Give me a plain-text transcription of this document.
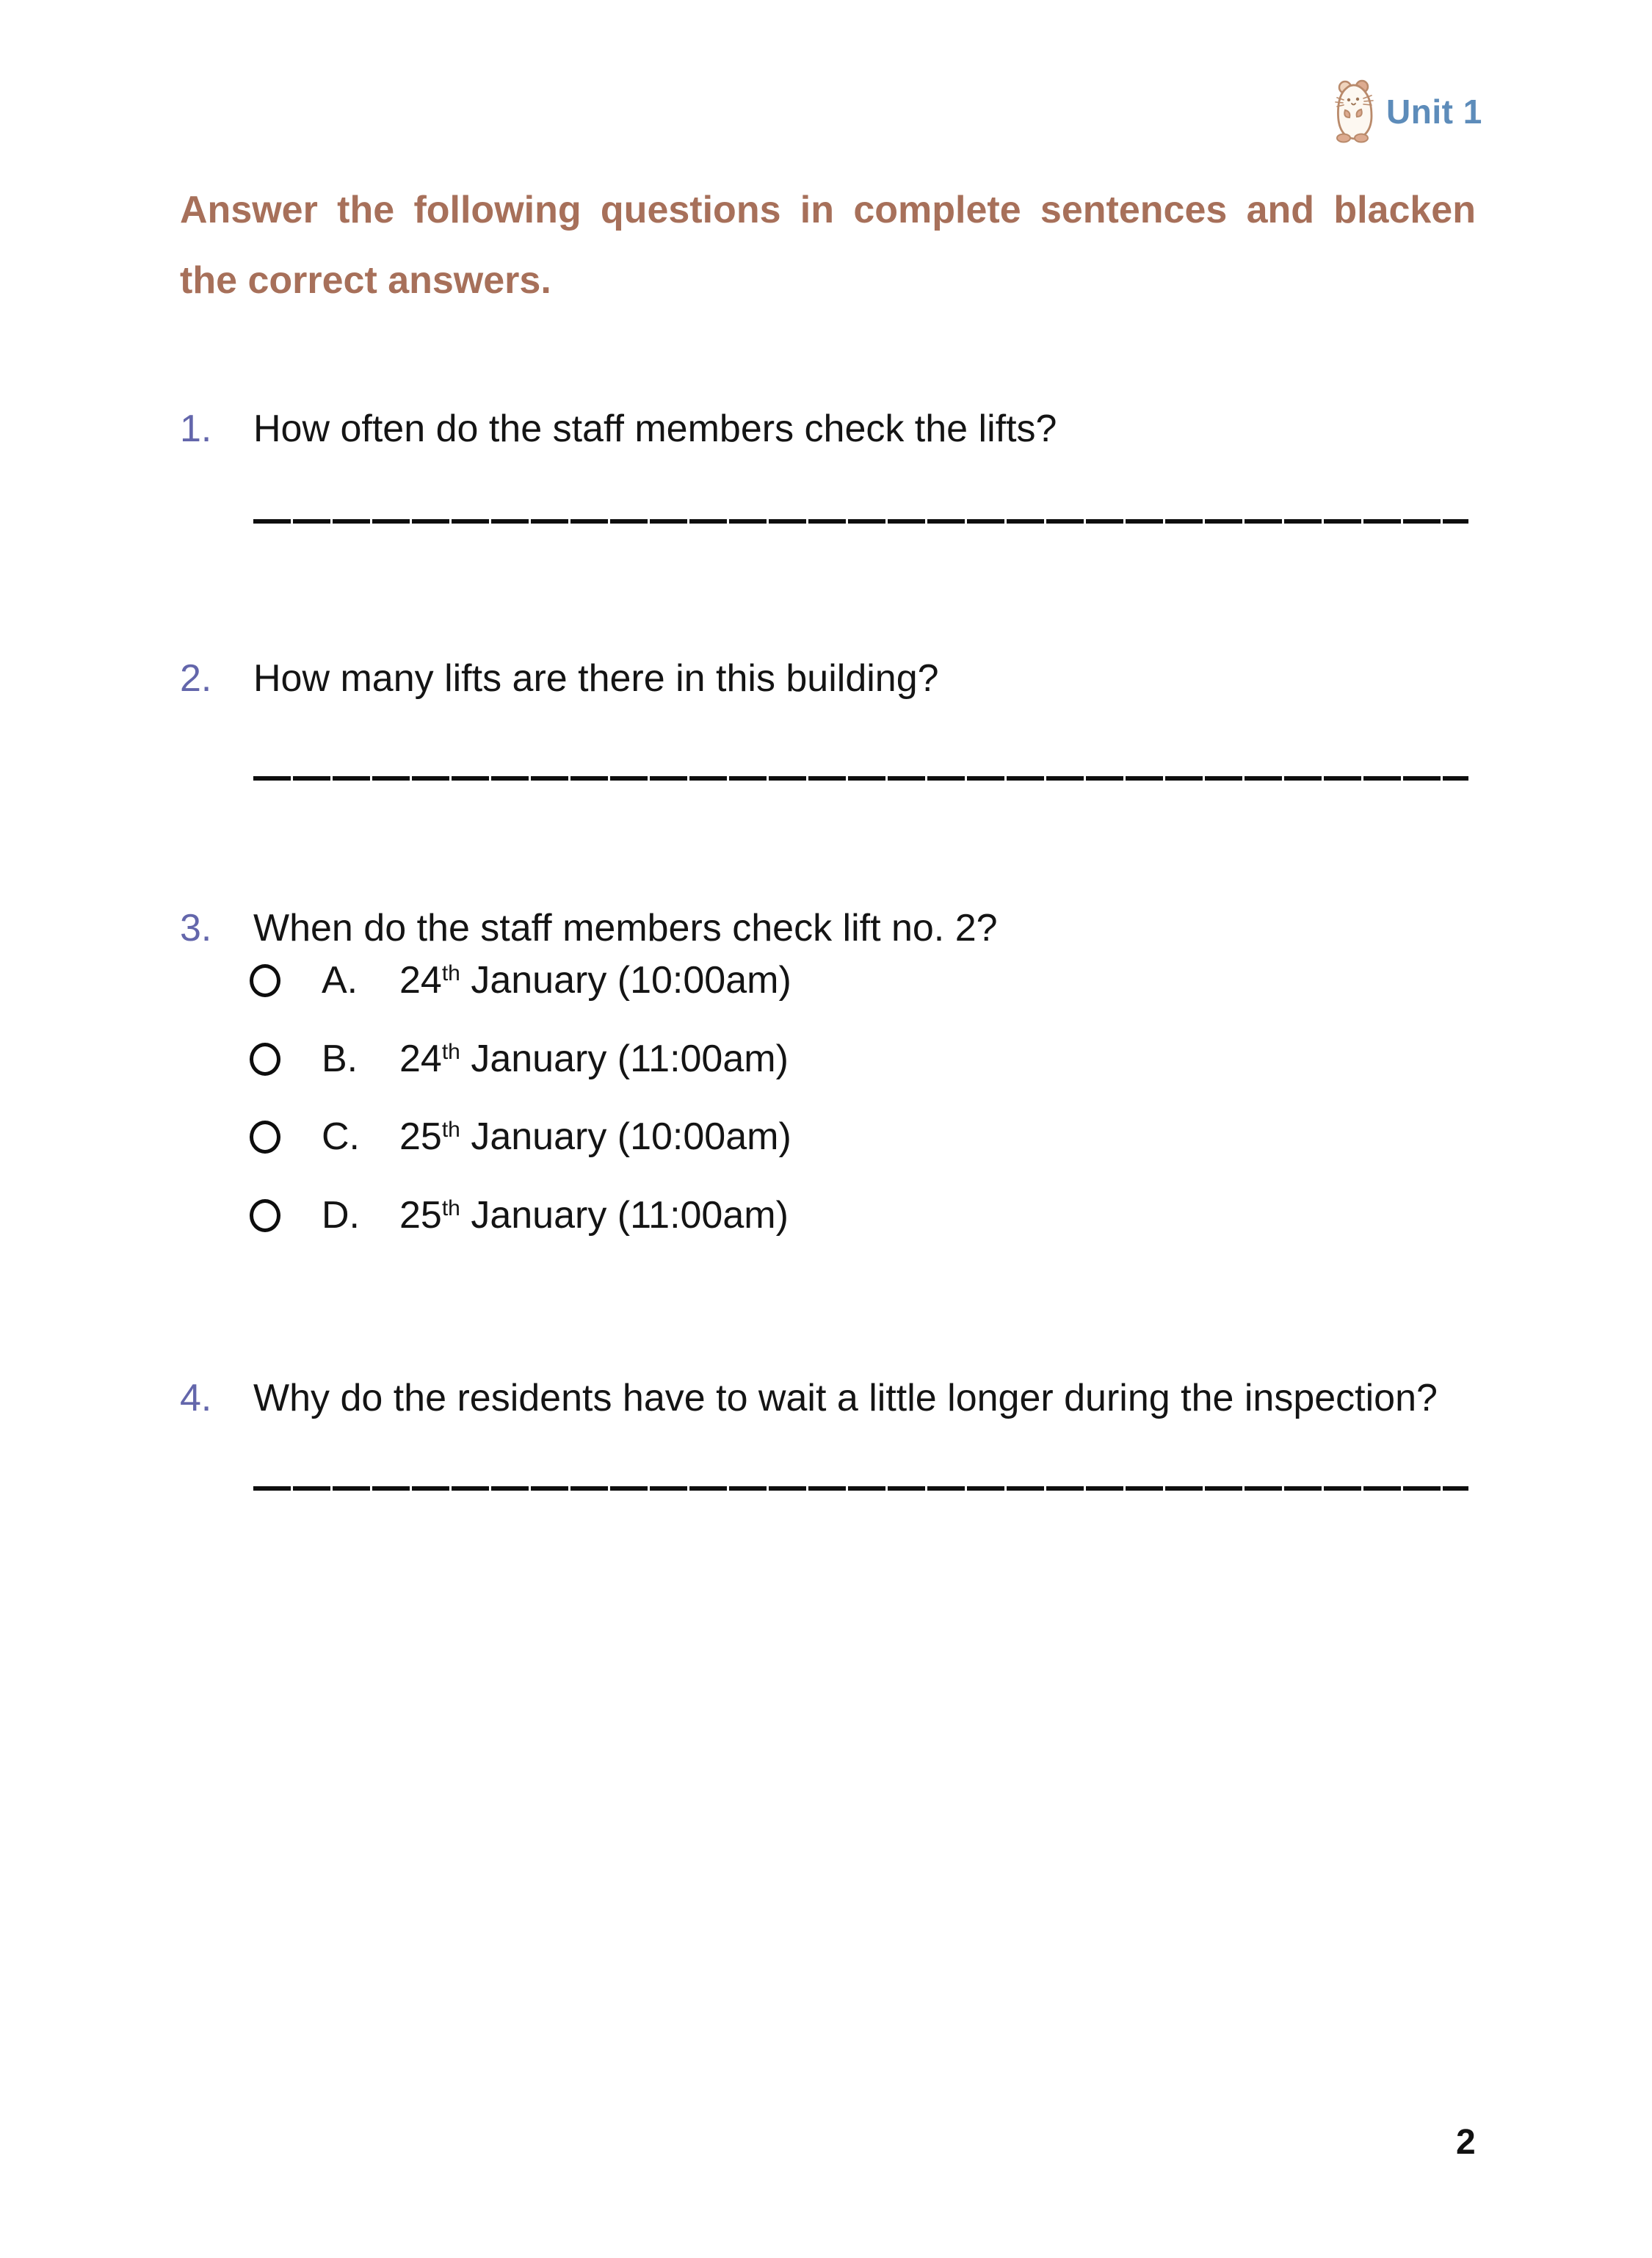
Unit 1
Answer the following questions in complete sentences and blacken
the correct answers.
1.	How often do the staff members check the lifts?
2.	How many lifts are there in this building?
3.	When do the staff members check lift no. 2?
A.	24th January (10:00am)
B.	24th January (11:00am)
C.	25th January (10:00am)
D.	25th January (11:00am)
4.	Why do the residents have to wait a little longer during the inspection?
2
